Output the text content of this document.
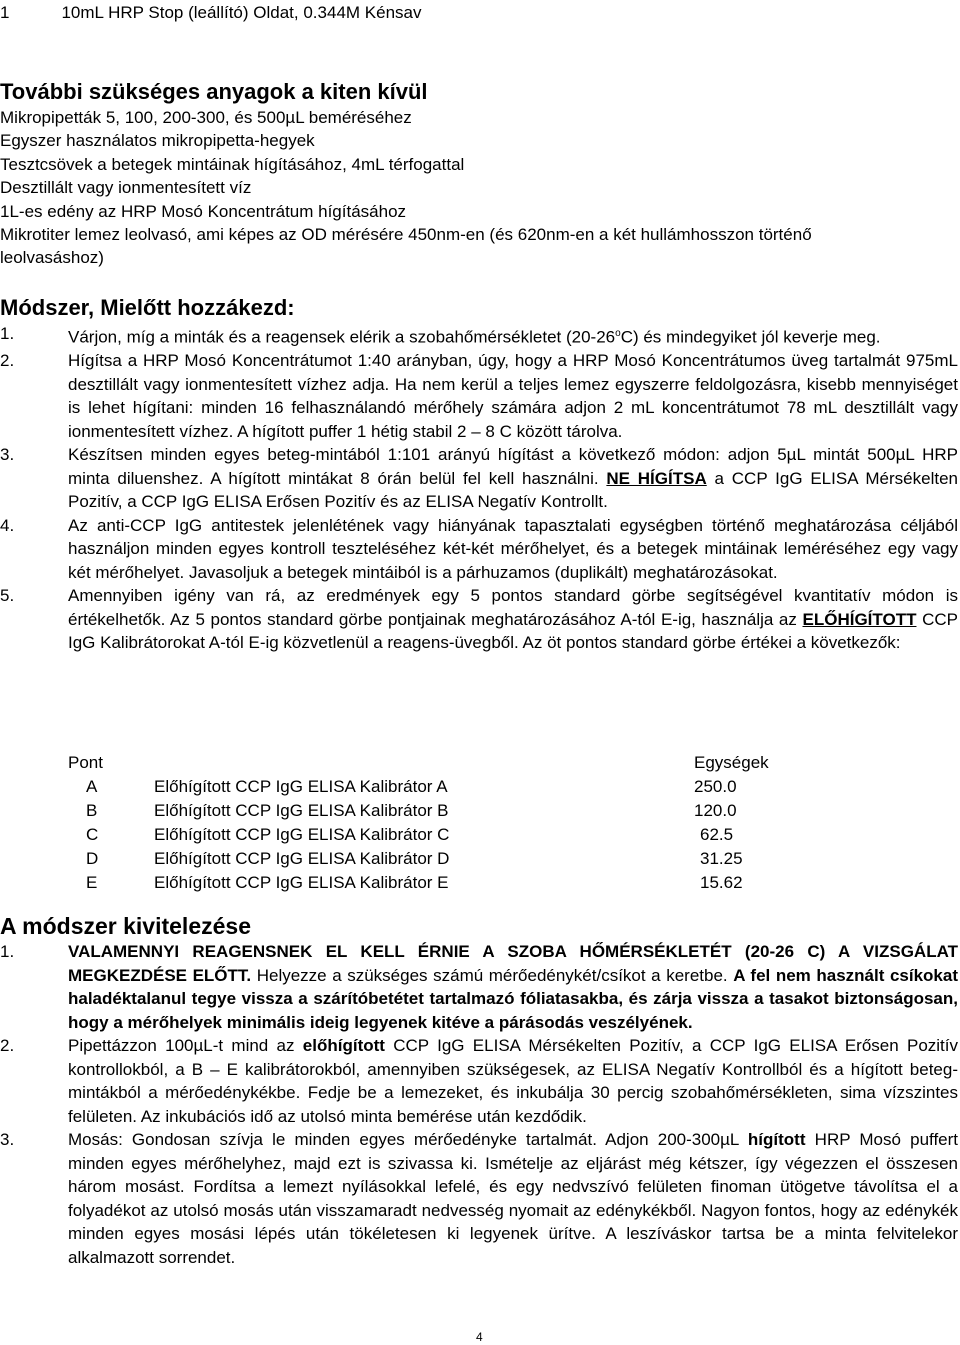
1	10mL HRP Stop (leállító) Oldat, 0.344M Kénsav
További szükséges anyagok a kiten kívül
Mikropipetták 5, 100, 200-300, és 500µL beméréséhez
Egyszer használatos mikropipetta-hegyek
Tesztcsövek a betegek mintáinak hígításához, 4mL térfogattal
Desztillált vagy ionmentesített víz
1L-es edény az HRP Mosó Koncentrátum hígításához
Mikrotiter lemez leolvasó, ami képes az OD mérésére 450nm-en (és 620nm-en a két hullámhosszon történő
leolvasáshoz)
Módszer, Mielőtt hozzákezd:

1.	Várjon, míg a minták és a reagensek elérik a szobahőmérsékletet (20-26$^o$C) és mindegyiket jól keverje meg.

2.	Hígítsa a HRP Mosó Koncentrátumot 1:40 arányban, úgy, hogy a HRP Mosó Koncentrátumos üveg tartalmát 975mL desztillált vagy ionmentesített vízhez adja. Ha nem kerül a teljes lemez egyszerre feldolgozásra, kisebb mennyiséget is lehet hígítani: minden 16 felhasználandó mérőhely számára adjon 2 mL koncentrátumot 78 mL desztillált vagy ionmentesített vízhez. A hígított puffer 1 hétig stabil 2 – 8 C között tárolva.

3.	Készítsen minden egyes beteg-mintából 1:101 arányú hígítást a következő módon: adjon 5µL mintát 500µL HRP minta diluenshez. A hígított mintákat 8 órán belül fel kell használni. NE HÍGÍTSA a CCP IgG ELISA Mérsékelten Pozitív, a CCP IgG ELISA Erősen Pozitív és az ELISA Negatív Kontrollt.

4.	Az anti-CCP IgG antitestek jelenlétének vagy hiányának tapasztalati egységben történő meghatározása céljából használjon minden egyes kontroll teszteléséhez két-két mérőhelyet, és a betegek mintáinak leméréséhez egy vagy két mérőhelyet. Javasoljuk a betegek mintáiból is a párhuzamos (duplikált) meghatározásokat.

5.	Amennyiben igény van rá, az eredmények egy 5 pontos standard görbe segítségével kvantitatív módon is értékelhetők. Az 5 pontos standard görbe pontjainak meghatározásához A-tól E-ig, használja az ELŐHÍGÍTOTT CCP IgG Kalibrátorokat A-tól E-ig közvetlenül a reagens-üvegből. Az öt pontos standard görbe értékei a következők:

Pont		Egységek
A	Előhígított CCP IgG ELISA Kalibrátor A	250.0
B	Előhígított CCP IgG ELISA Kalibrátor B	120.0
C	Előhígított CCP IgG ELISA Kalibrátor C	62.5
D	Előhígított CCP IgG ELISA Kalibrátor D	31.25
E	Előhígított CCP IgG ELISA Kalibrátor E	15.62
A módszer kivitelezése

1.	VALAMENNYI REAGENSNEK EL KELL ÉRNIE A SZOBA HŐMÉRSÉKLETÉT (20-26 C) A VIZSGÁLAT MEGKEZDÉSE ELŐTT. Helyezze a szükséges számú mérőedénykét/csíkot a keretbe. A fel nem használt csíkokat haladéktalanul tegye vissza a szárítóbetétet tartalmazó fóliatasakba, és zárja vissza a tasakot biztonságosan, hogy a mérőhelyek minimális ideig legyenek kitéve a párásodás veszélyének.

2.	Pipettázzon 100µL-t mind az előhígított CCP IgG ELISA Mérsékelten Pozitív, a CCP IgG ELISA Erősen Pozitív kontrollokból, a B – E kalibrátorokból, amennyiben szükségesek, az ELISA Negatív Kontrollból és a hígított beteg-mintákból a mérőedénykékbe. Fedje be a lemezeket, és inkubálja 30 percig szobahőmérsékleten, sima vízszintes felületen. Az inkubációs idő az utolsó minta bemérése után kezdődik.

3.	Mosás: Gondosan szívja le minden egyes mérőedényke tartalmát. Adjon 200-300µL hígított HRP Mosó puffert minden egyes mérőhelyhez, majd ezt is szivassa ki. Ismételje az eljárást még kétszer, így végezzen el összesen három mosást. Fordítsa a lemezt nyílásokkal lefelé, és egy nedvszívó felületen finoman ütögetve távolítsa el a folyadékot az utolsó mosás után visszamaradt nedvesség nyomait az edénykékből. Nagyon fontos, hogy az edénykék minden egyes mosási lépés után tökéletesen ki legyenek ürítve. A leszíváskor tartsa be a minta felvitelekor alkalmazott sorrendet.

4
